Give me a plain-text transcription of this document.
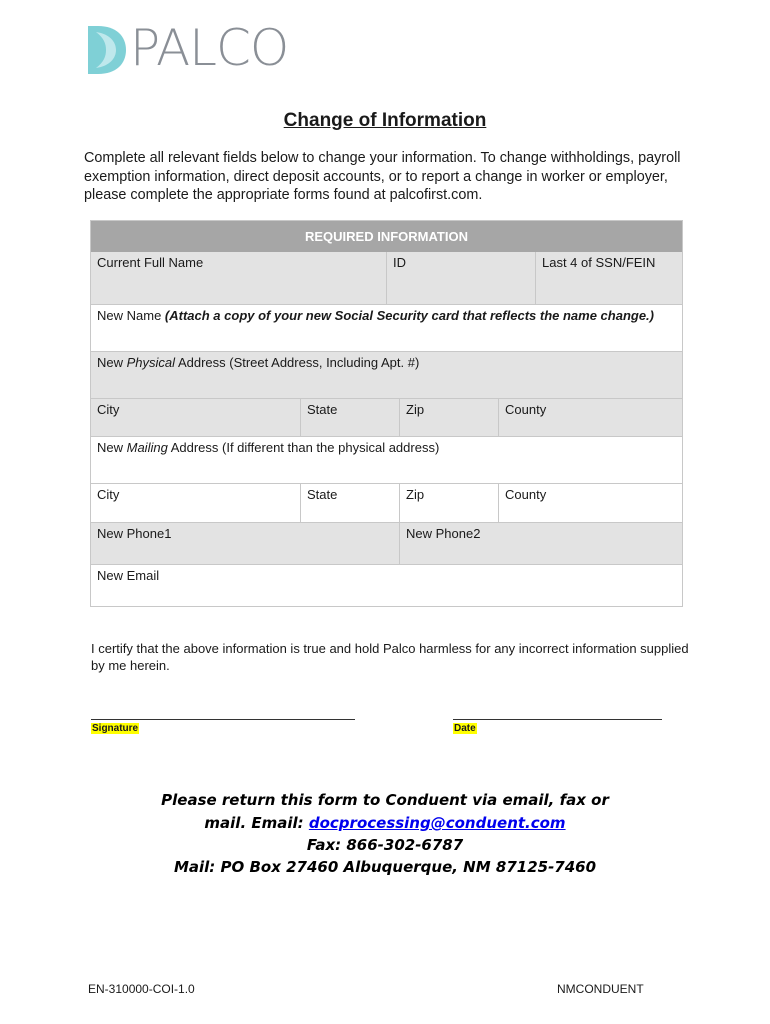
PALCO
Change of Information
Complete all relevant fields below to change your information. To change withholdings, payroll exemption information, direct deposit accounts, or to report a change in worker or employer, please complete the appropriate forms found at palcofirst.com.
REQUIRED INFORMATION
Current Full Name	ID	Last 4 of SSN/FEIN
New Name (Attach a copy of your new Social Security card that reflects the name change.)
New Physical Address (Street Address, Including Apt. #)
City	State	Zip	County
New Mailing Address (If different than the physical address)
City	State	Zip	County
New Phone1	New Phone2
New Email
I certify that the above information is true and hold Palco harmless for any incorrect information supplied by me herein.
Signature	Date
Please return this form to Conduent via email, fax or
mail. Email: docprocessing@conduent.com
Fax: 866-302-6787
Mail: PO Box 27460 Albuquerque, NM 87125-7460
EN-310000-COI-1.0	NMCONDUENT
